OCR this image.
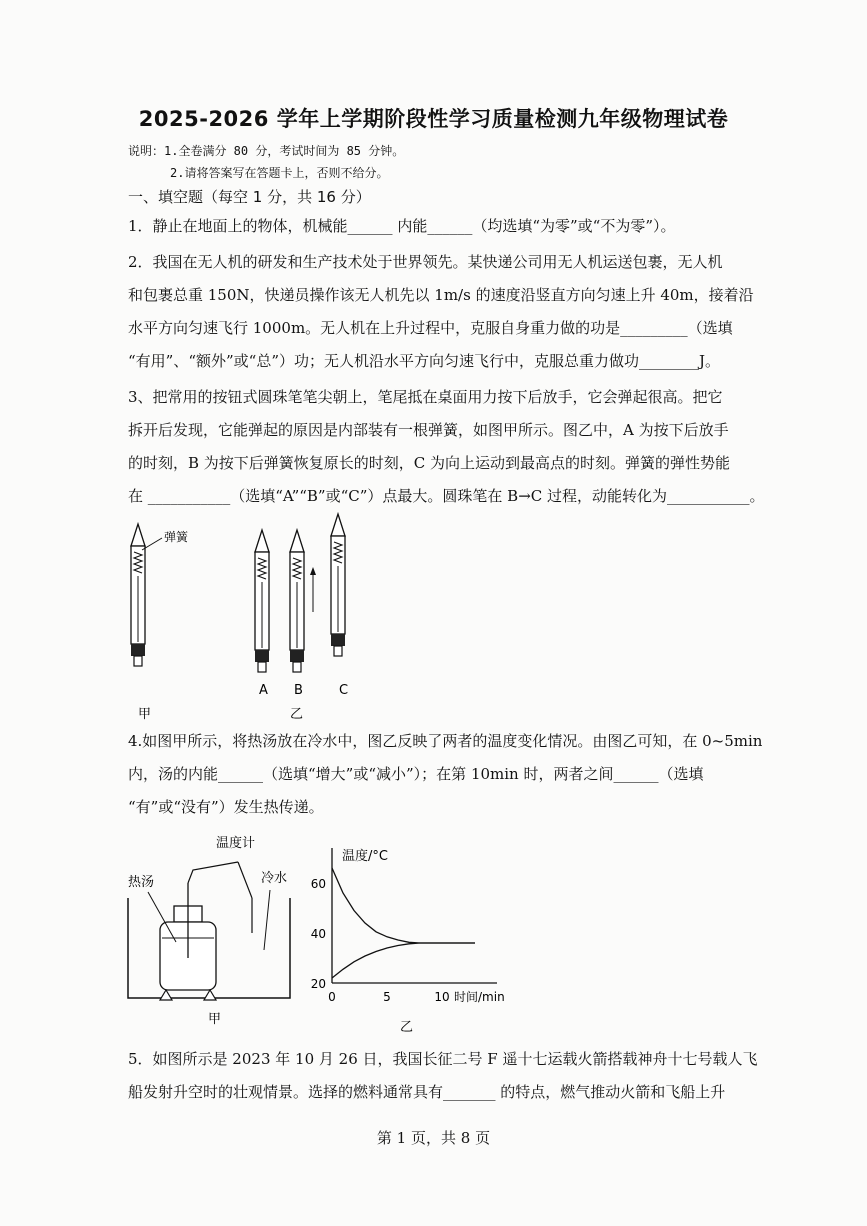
2025-2026 学年上学期阶段性学习质量检测九年级物理试卷
说明：1.全卷满分 80 分，考试时间为 85 分钟。
2.请将答案写在答题卡上，否则不给分。
一、填空题（每空 1 分，共 16 分）
1．静止在地面上的物体，机械能______ 内能______（均选填“为零”或“不为零”）。
2．我国在无人机的研发和生产技术处于世界领先。某快递公司用无人机运送包裹，无人机
和包裹总重 150N，快递员操作该无人机先以 1m/s 的速度沿竖直方向匀速上升 40m，接着沿
水平方向匀速飞行 1000m。无人机在上升过程中，克服自身重力做的功是_________（选填
“有用”、“额外”或“总”）功；无人机沿水平方向匀速飞行中，克服总重力做功________J。
3、把常用的按钮式圆珠笔笔尖朝上，笔尾抵在桌面用力按下后放手，它会弹起很高。把它
拆开后发现，它能弹起的原因是内部装有一根弹簧，如图甲所示。图乙中，A 为按下后放手
的时刻，B 为按下后弹簧恢复原长的时刻，C 为向上运动到最高点的时刻。弹簧的弹性势能
在 ___________（选填“A”“B”或“C”）点最大。圆珠笔在 B→C 过程，动能转化为___________。
弹簧
A B	C
甲	乙
4.如图甲所示，将热汤放在冷水中，图乙反映了两者的温度变化情况。由图乙可知，在 0~5min
内，汤的内能______（选填“增大”或“减小”）；在第 10min 时，两者之间______（选填
“有”或“没有”）发生热传递。
温度计
热汤	冷水
甲
温度/°C
时间/min
20
40
60
0	5	10
乙
5．如图所示是 2023 年 10 月 26 日，我国长征二号 F 遥十七运载火箭搭载神舟十七号载人飞
船发射升空时的壮观情景。选择的燃料通常具有_______ 的特点，燃气推动火箭和飞船上升
第 1 页，共 8 页
